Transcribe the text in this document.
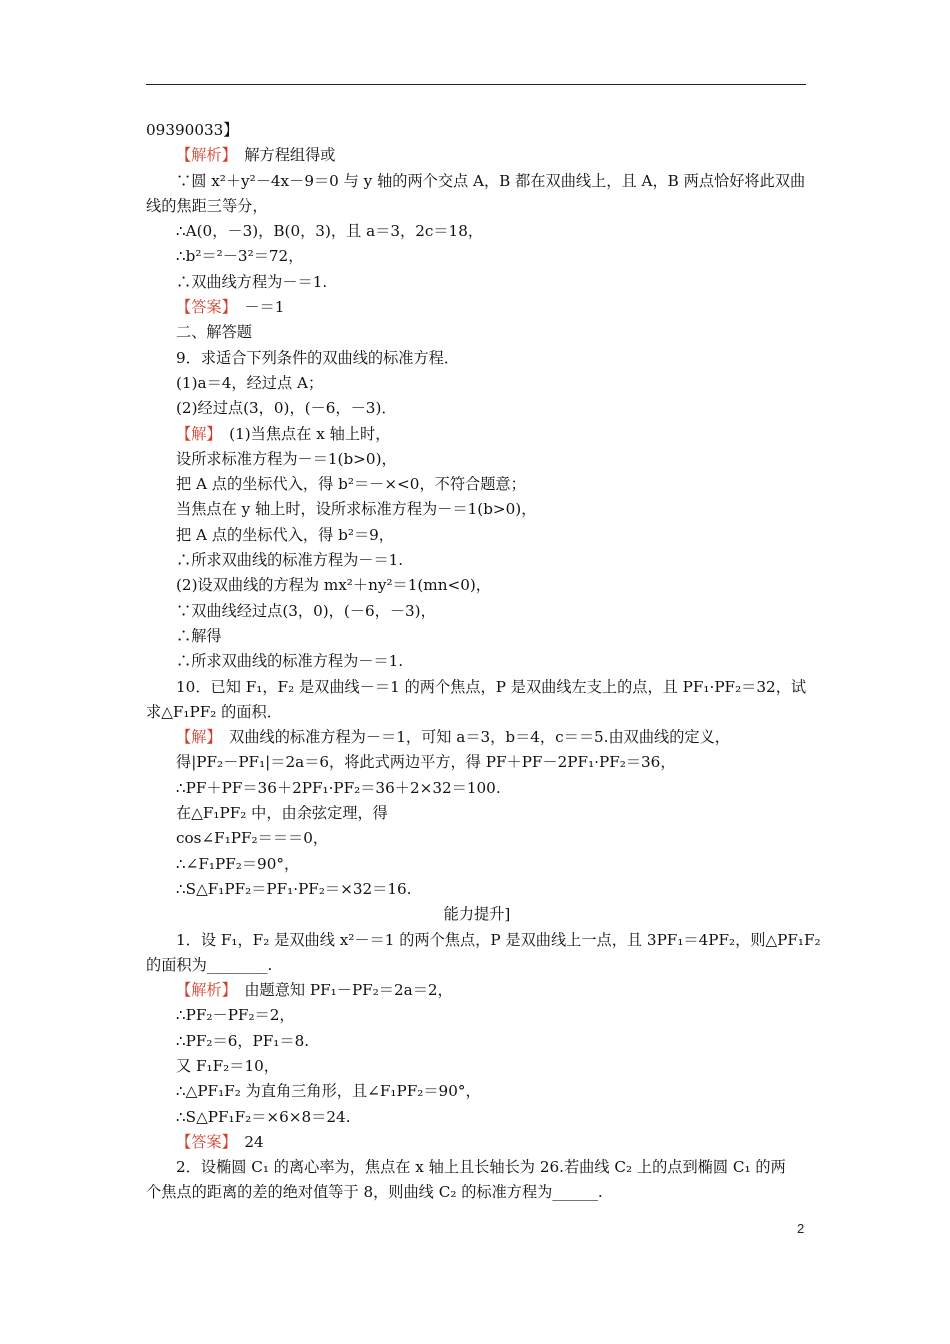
09390033】
【解析】　解方程组得或
∵圆 x²＋y²－4x－9＝0 与 y 轴的两个交点 A，B 都在双曲线上，且 A，B 两点恰好将此双曲
线的焦距三等分，
∴A(0，－3)，B(0，3)，且 a＝3，2c＝18，
∴b²＝²－3²＝72，
∴双曲线方程为－＝1.
【答案】　－＝1
二、解答题
9．求适合下列条件的双曲线的标准方程．
(1)a＝4，经过点 A；
(2)经过点(3，0)，(－6，－3)．
【解】　(1)当焦点在 x 轴上时，
设所求标准方程为－＝1(b>0)，
把 A 点的坐标代入，得 b²＝－×<0，不符合题意；
当焦点在 y 轴上时，设所求标准方程为－＝1(b>0)，
把 A 点的坐标代入，得 b²＝9，
∴所求双曲线的标准方程为－＝1.
(2)设双曲线的方程为 mx²＋ny²＝1(mn<0)，
∵双曲线经过点(3，0)，(－6，－3)，
∴解得
∴所求双曲线的标准方程为－＝1.
10．已知 F₁，F₂ 是双曲线－＝1 的两个焦点，P 是双曲线左支上的点，且 PF₁·PF₂＝32，试
求△F₁PF₂ 的面积．
【解】　双曲线的标准方程为－＝1，可知 a＝3，b＝4，c＝＝5.由双曲线的定义，
得|PF₂－PF₁|＝2a＝6，将此式两边平方，得 PF＋PF－2PF₁·PF₂＝36，
∴PF＋PF＝36＋2PF₁·PF₂＝36＋2×32＝100.
在△F₁PF₂ 中，由余弦定理，得
cos∠F₁PF₂＝＝＝0，
∴∠F₁PF₂＝90°，
∴S△F₁PF₂＝PF₁·PF₂＝×32＝16.
能力提升]
1．设 F₁，F₂ 是双曲线 x²－＝1 的两个焦点，P 是双曲线上一点，且 3PF₁＝4PF₂，则△PF₁F₂
的面积为________.
【解析】　由题意知 PF₁－PF₂＝2a＝2，
∴PF₂－PF₂＝2，
∴PF₂＝6，PF₁＝8.
又 F₁F₂＝10，
∴△PF₁F₂ 为直角三角形，且∠F₁PF₂＝90°，
∴S△PF₁F₂＝×6×8＝24.
【答案】　24
2．设椭圆 C₁ 的离心率为，焦点在 x 轴上且长轴长为 26.若曲线 C₂ 上的点到椭圆 C₁ 的两
个焦点的距离的差的绝对值等于 8，则曲线 C₂ 的标准方程为______.
2
